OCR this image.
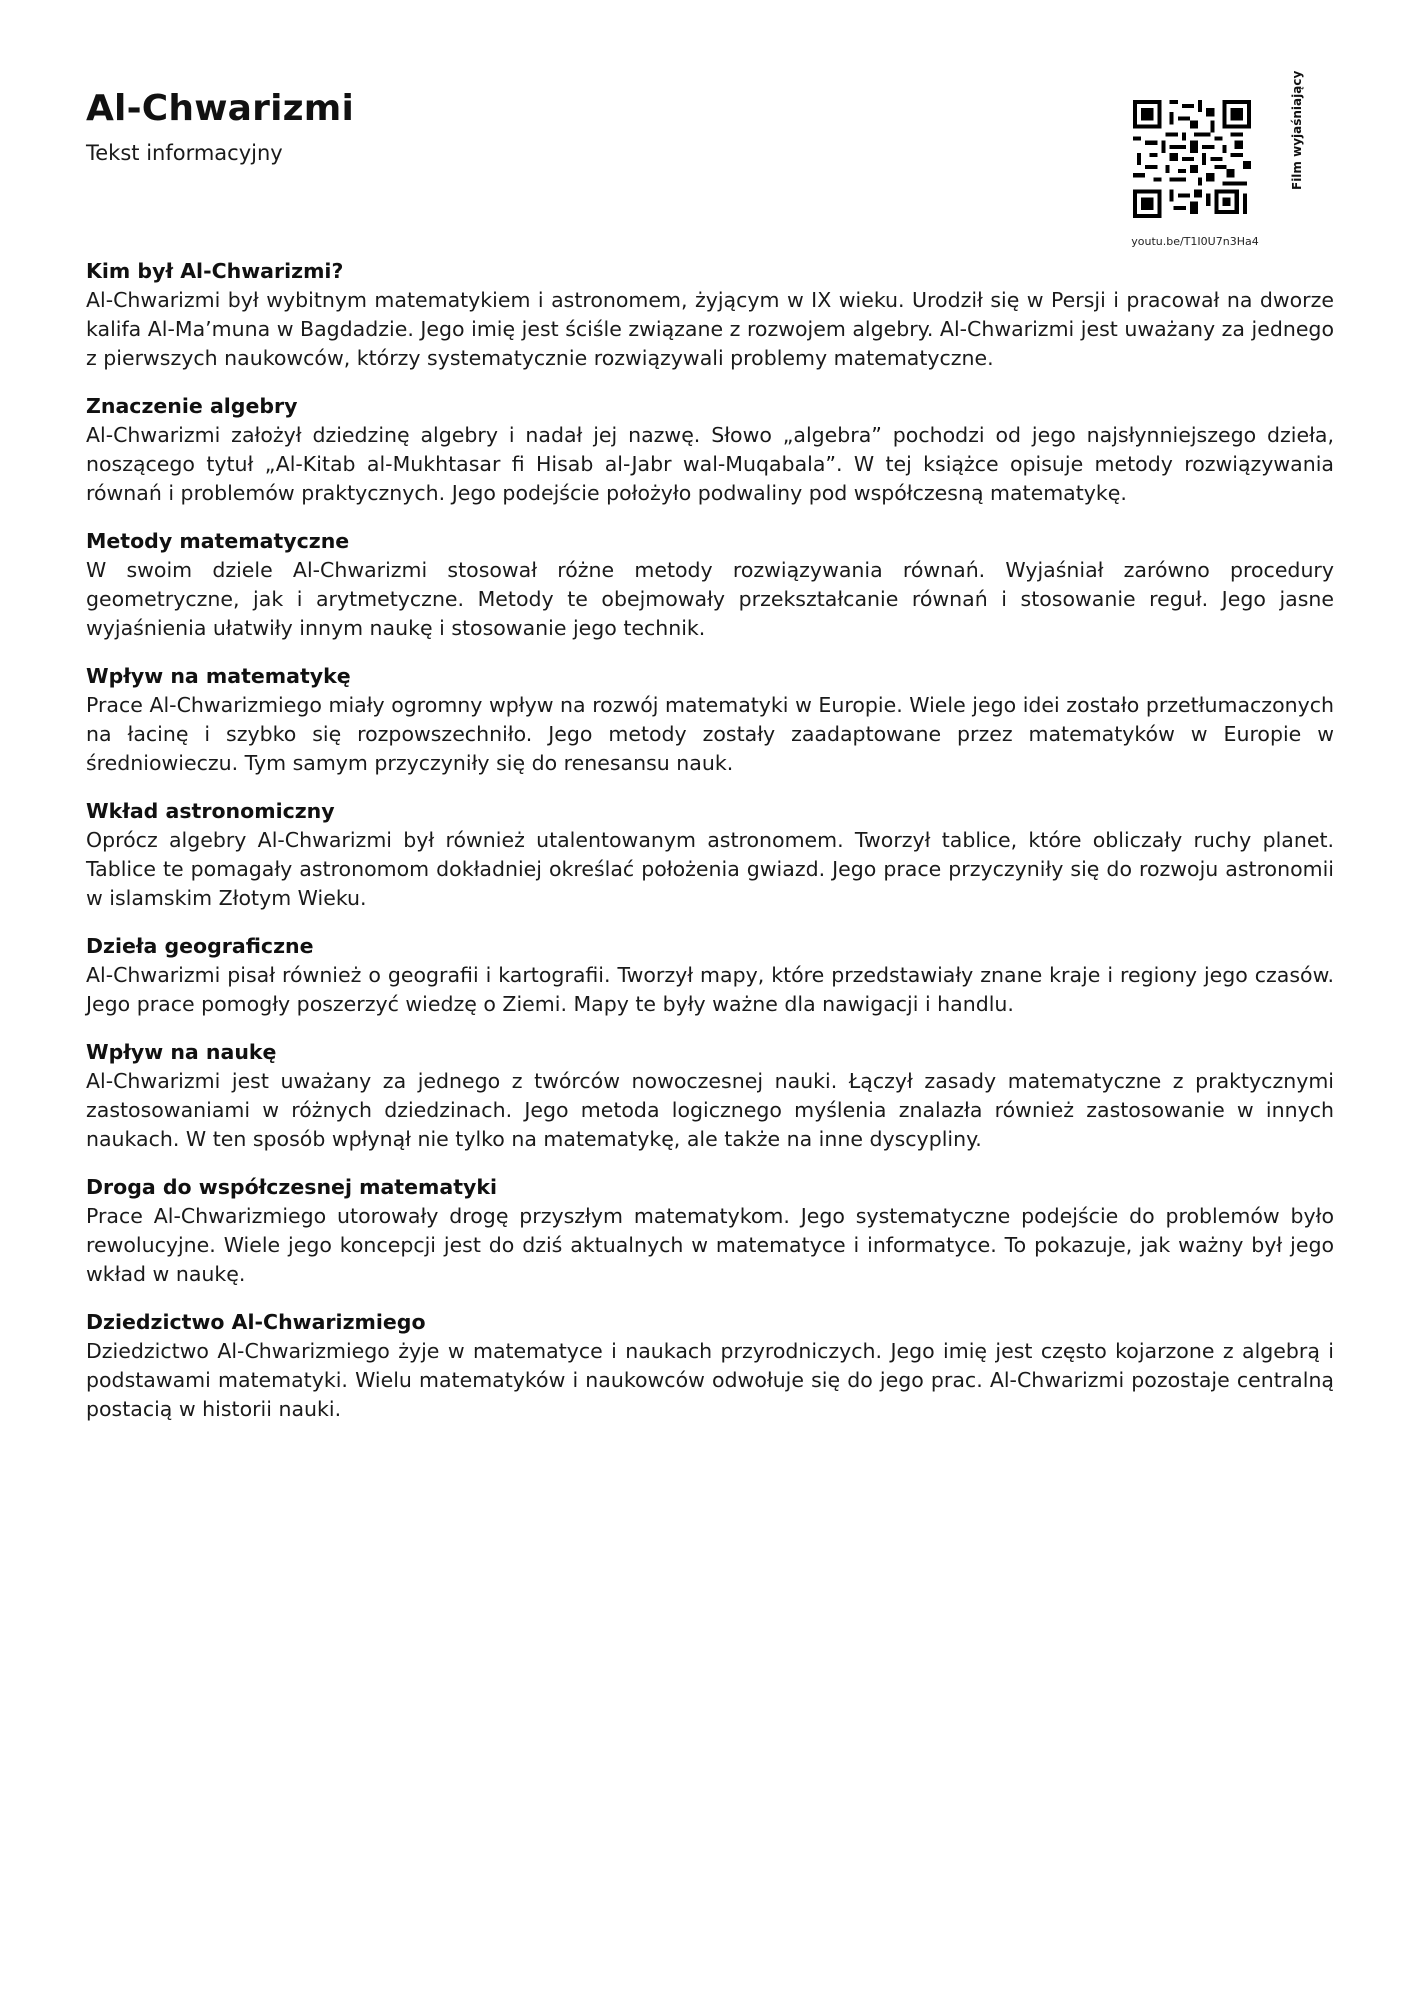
Al-Chwarizmi

Tekst informacyjny

youtu.be/T1I0U7n3Ha4
Film wyjaśniający

Kim był Al-Chwarizmi?

Al-Chwarizmi był wybitnym matematykiem i astronomem, żyjącym w IX wieku. Urodził się w Persji i pracował na dworze kalifa Al-Ma’muna w Bagdadzie. Jego imię jest ściśle związane z rozwojem algebry. Al-Chwarizmi jest uważany za jednego z pierwszych naukowców, którzy systematycznie rozwiązywali problemy matematyczne.

Znaczenie algebry

Al-Chwarizmi założył dziedzinę algebry i nadał jej nazwę. Słowo „algebra” pochodzi od jego najsłynniejszego dzieła, noszącego tytuł „Al-Kitab al-Mukhtasar fi Hisab al-Jabr wal-Muqabala”. W tej książce opisuje metody rozwiązywania równań i problemów praktycznych. Jego podejście położyło podwaliny pod współczesną matematykę.

Metody matematyczne

W swoim dziele Al-Chwarizmi stosował różne metody rozwiązywania równań. Wyjaśniał zarówno procedury geometryczne, jak i arytmetyczne. Metody te obejmowały przekształcanie równań i stosowanie reguł. Jego jasne wyjaśnienia ułatwiły innym naukę i stosowanie jego technik.

Wpływ na matematykę

Prace Al-Chwarizmiego miały ogromny wpływ na rozwój matematyki w Europie. Wiele jego idei zostało przetłumaczonych na łacinę i szybko się rozpowszechniło. Jego metody zostały zaadaptowane przez matematyków w Europie w średniowieczu. Tym samym przyczyniły się do renesansu nauk.

Wkład astronomiczny

Oprócz algebry Al-Chwarizmi był również utalentowanym astronomem. Tworzył tablice, które obliczały ruchy planet. Tablice te pomagały astronomom dokładniej określać położenia gwiazd. Jego prace przyczyniły się do rozwoju astronomii w islamskim Złotym Wieku.

Dzieła geograficzne

Al-Chwarizmi pisał również o geografii i kartografii. Tworzył mapy, które przedstawiały znane kraje i regiony jego czasów. Jego prace pomogły poszerzyć wiedzę o Ziemi. Mapy te były ważne dla nawigacji i handlu.

Wpływ na naukę

Al-Chwarizmi jest uważany za jednego z twórców nowoczesnej nauki. Łączył zasady matematyczne z praktycznymi zastosowaniami w różnych dziedzinach. Jego metoda logicznego myślenia znalazła również zastosowanie w innych naukach. W ten sposób wpłynął nie tylko na matematykę, ale także na inne dyscypliny.

Droga do współczesnej matematyki

Prace Al-Chwarizmiego utorowały drogę przyszłym matematykom. Jego systematyczne podejście do problemów było rewolucyjne. Wiele jego koncepcji jest do dziś aktualnych w matematyce i informatyce. To pokazuje, jak ważny był jego wkład w naukę.

Dziedzictwo Al-Chwarizmiego

Dziedzictwo Al-Chwarizmiego żyje w matematyce i naukach przyrodniczych. Jego imię jest często kojarzone z algebrą i podstawami matematyki. Wielu matematyków i naukowców odwołuje się do jego prac. Al-Chwarizmi pozostaje centralną postacią w historii nauki.
